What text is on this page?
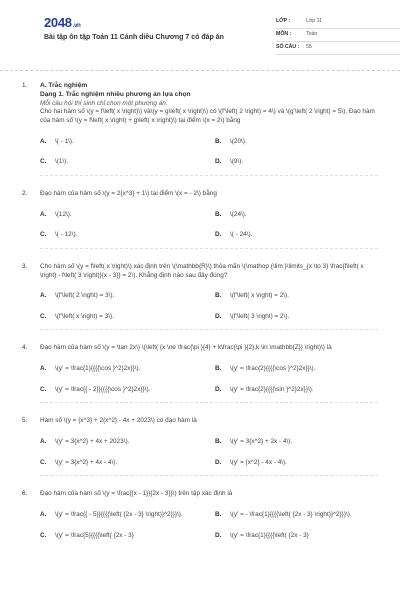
2048.vn
Bài tập ôn tập Toán 11 Cánh diều Chương 7 có đáp án
LỚP :	Lớp 11
MÔN :	Toán
SỐ CÂU :	55
1. A. Trắc nghiệm
Dạng 1. Trắc nghiệm nhiều phương án lựa chọn
Mỗi câu hỏi thí sinh chỉ chọn một phương án.
Cho hai hàm số \(y = f\left( x \right)\) và\(y = g\left( x \right)\) có \(f'\left( 2 \right) = 4\) và \(g'\left( 2 \right) = 5\). Đạo hàm của hàm số \(y = f\left( x \right) + g\left( x \right)\) tại điểm \(x = 2\) bằng
A.	\( - 1\).	B.	\(20\).
C.	\(1\).	D.	\(9\).
2. Đạo hàm của hàm số \(y = 2{x^3} + 1\) tại điểm \(x = - 2\) bằng
A.	\(12\).	B.	\(24\).
C.	\( - 12\).	D.	\( - 24\).
3. Cho hàm số \(y = f\left( x \right)\) xác định trên \(\mathbb{R}\) thỏa mãn \(\mathop {\lim }\limits_{x \to 3} \frac{f\left( x \right) - f\left( 3 \right)}{x - 3}} = 2\). Khẳng định nào sau đây đúng?
A.	\(f'\left( 2 \right) = 3\).	B.	\(f'\left( x \right) = 2\).
C.	\(f'\left( x \right) = 3\).	D.	\(f'\left( 3 \right) = 2\).
4. Đạo hàm của hàm số \(y = \tan 2x\) \(\left( {x \ne \frac{\pi }{4} + k\frac{\pi }{2},k \in \mathbb{Z}} \right)\) là
A.	\(y' = \frac{1}{{{{\cos }^2}2x}}\).	B.	\(y' = \frac{2}{{{{\cos }^2}2x}}\).
C.	\(y' = \frac{{ - 2}}{{{{\cos }^2}2x}}\).	D.	\(y' = \frac{2}{{{{\sin }^2}2x}}\).
5. Hàm số \(y = {x^3} + 2{x^2} - 4x + 2023\) có đạo hàm là
A.	\(y' = 3{x^2} + 4x + 2023\).	B.	\(y' = 3{x^2} + 2x - 4\).
C.	\(y' = 3{x^2} + 4x - 4\).	D.	\(y' = {x^2} - 4x - 4\).
6. Đạo hàm của hàm số \(y = \frac{{x - 1}}{2x - 3}}\) trên tập xác định là
A.	\(y' = \frac{{ - 5}}{{{{\left( {2x - 3} \right)}^2}}}\).	B.	\(y' = - \frac{1}{{{{\left( {2x - 3} \right)}^2}}}\).
C.	\(y' = \frac{5}{{{{\left( {2x - 3}	D.	\(y' = \frac{1}{{{{\left( {2x - 3}
